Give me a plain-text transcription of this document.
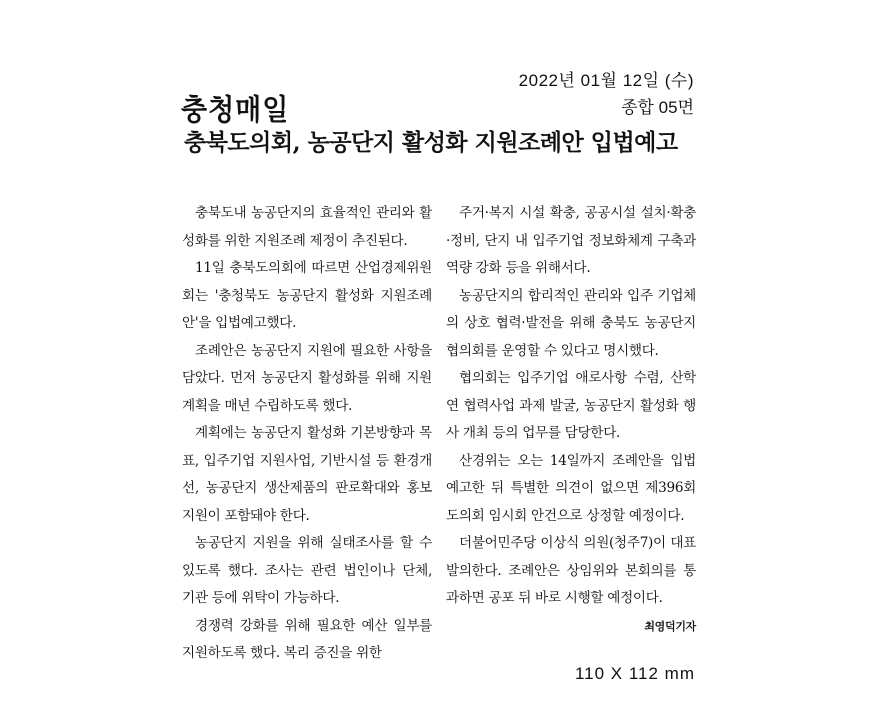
2022년 01월 12일 (수)
종합 05면
충청매일
충북도의회, 농공단지 활성화 지원조례안 입법예고

충북도내 농공단지의 효율적인 관리와 활성화를 위한 지원조례 제정이 추진된다.

11일 충북도의회에 따르면 산업경제위원회는 '충청북도 농공단지 활성화 지원조례안'을 입법예고했다.

조례안은 농공단지 지원에 필요한 사항을 담았다. 먼저 농공단지 활성화를 위해 지원계획을 매년 수립하도록 했다.

계획에는 농공단지 활성화 기본방향과 목표, 입주기업 지원사업, 기반시설 등 환경개선, 농공단지 생산제품의 판로확대와 홍보지원이 포함돼야 한다.

농공단지 지원을 위해 실태조사를 할 수 있도록 했다. 조사는 관련 법인이나 단체, 기관 등에 위탁이 가능하다.

경쟁력 강화를 위해 필요한 예산 일부를 지원하도록 했다. 복리 증진을 위한

주거·복지 시설 확충, 공공시설 설치·확충·정비, 단지 내 입주기업 정보화체계 구축과 역량 강화 등을 위해서다.

농공단지의 합리적인 관리와 입주 기업체의 상호 협력·발전을 위해 충북도 농공단지협의회를 운영할 수 있다고 명시했다.

협의회는 입주기업 애로사항 수렴, 산학연 협력사업 과제 발굴, 농공단지 활성화 행사 개최 등의 업무를 담당한다.

산경위는 오는 14일까지 조례안을 입법예고한 뒤 특별한 의견이 없으면 제396회 도의회 임시회 안건으로 상정할 예정이다.

더불어민주당 이상식 의원(청주7)이 대표 발의한다. 조례안은 상임위와 본회의를 통과하면 공포 뒤 바로 시행할 예정이다.
최영덕기자

110 X 112 mm
